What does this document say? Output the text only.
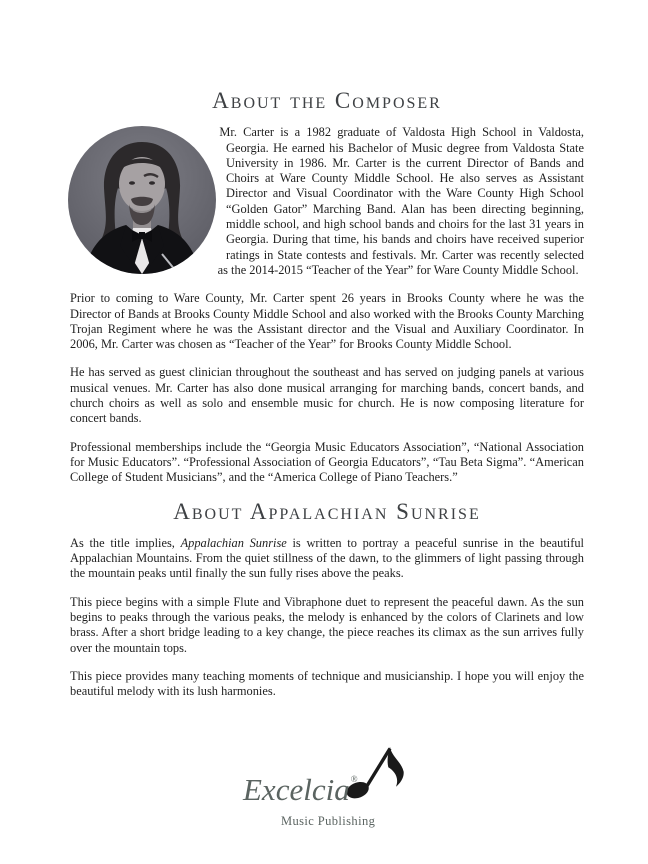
About the Composer

Mr. Carter is a 1982 graduate of Valdosta High School in Valdosta, Georgia. He earned his Bachelor of Music degree from Valdosta State University in 1986. Mr. Carter is the current Director of Bands and Choirs at Ware County Middle School. He also serves as Assistant Director and Visual Coordinator with the Ware County High School “Golden Gator” Marching Band. Alan has been directing beginning, middle school, and high school bands and choirs for the last 31 years in Georgia. During that time, his bands and choirs have received superior ratings in State contests and festivals. Mr. Carter was recently selected as the 2014-2015 “Teacher of the Year” for Ware County Middle School.

Prior to coming to Ware County, Mr. Carter spent 26 years in Brooks County where he was the Director of Bands at Brooks County Middle School and also worked with the Brooks County Marching Trojan Regiment where he was the Assistant director and the Visual and Auxiliary Coordinator. In 2006, Mr. Carter was chosen as “Teacher of the Year” for Brooks County Middle School.

He has served as guest clinician throughout the southeast and has served on judging panels at various musical venues. Mr. Carter has also done musical arranging for marching bands, concert bands, and church choirs as well as solo and ensemble music for church. He is now composing literature for concert bands.

Professional memberships include the “Georgia Music Educators Association”, “National Association for Music Educators”. “Professional Association of Georgia Educators”, “Tau Beta Sigma”. “American College of Student Musicians”, and the “America College of Piano Teachers.”

About Appalachian Sunrise

As the title implies, Appalachian Sunrise is written to portray a peaceful sunrise in the beautiful Appalachian Mountains. From the quiet stillness of the dawn, to the glimmers of light passing through the mountain peaks until finally the sun fully rises above the peaks.

This piece begins with a simple Flute and Vibraphone duet to represent the peaceful dawn. As the sun begins to peaks through the various peaks, the melody is enhanced by the colors of Clarinets and low brass. After a short bridge leading to a key change, the piece reaches its climax as the sun arrives fully over the mountain tops.

This piece provides many teaching moments of technique and musicianship. I hope you will enjoy the beautiful melody with its lush harmonies.

Excelcia®
Music Publishing
